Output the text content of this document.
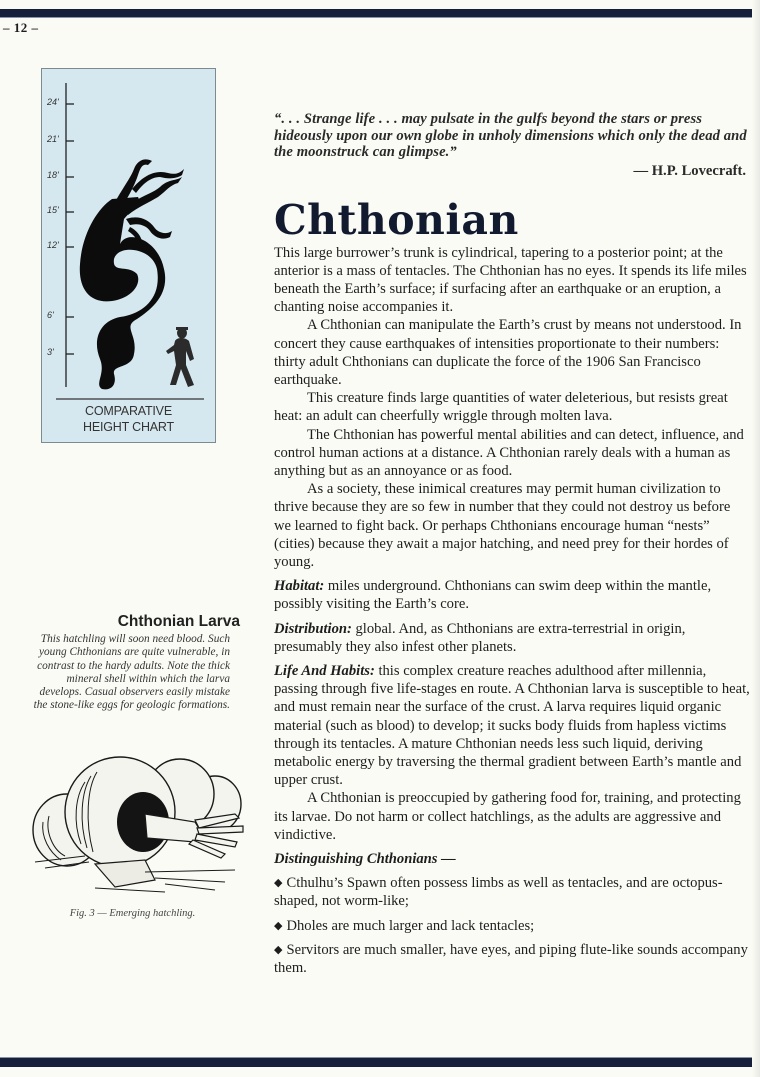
– 12 –
24'
21'
18'
15'
12'
6'
3'
COMPARATIVE
HEIGHT CHART
Chthonian Larva
This hatchling will soon need blood. Such young Chthonians are quite vulnerable, in contrast to the hardy adults. Note the thick mineral shell within which the larva develops. Casual observers easily mistake the stone-like eggs for geologic formations.
Fig. 3 — Emerging hatchling.

“. . . Strange life . . . may pulsate in the gulfs beyond the stars or press hideously upon our own globe in unholy dimensions which only the dead and the moonstruck can glimpse.”

— H.P. Lovecraft.
Chthonian

This large burrower’s trunk is cylindrical, tapering to a posterior point; at the anterior is a mass of tentacles. The Chthonian has no eyes. It spends its life miles beneath the Earth’s surface; if surfacing after an earthquake or an eruption, a chanting noise accompanies it.

A Chthonian can manipulate the Earth’s crust by means not understood. In concert they cause earthquakes of intensities proportionate to their numbers: thirty adult Chthonians can duplicate the force of the 1906 San Francisco earthquake.

This creature finds large quantities of water deleterious, but resists great heat: an adult can cheerfully wriggle through molten lava.

The Chthonian has powerful mental abilities and can detect, influence, and control human actions at a distance. A Chthonian rarely deals with a human as anything but as an annoyance or as food.

As a society, these inimical creatures may permit human civilization to thrive because they are so few in number that they could not destroy us before we learned to fight back. Or perhaps Chthonians encourage human “nests” (cities) because they await a major hatching, and need prey for their hordes of young.

Habitat: miles underground. Chthonians can swim deep within the mantle, possibly visiting the Earth’s core.

Distribution: global. And, as Chthonians are extra-terrestrial in origin, presumably they also infest other planets.

Life And Habits: this complex creature reaches adulthood after millennia, passing through five life-stages en route. A Chthonian larva is susceptible to heat, and must remain near the surface of the crust. A larva requires liquid organic material (such as blood) to develop; it sucks body fluids from hapless victims through its tentacles. A mature Chthonian needs less such liquid, deriving metabolic energy by traversing the thermal gradient between Earth’s mantle and upper crust.

A Chthonian is preoccupied by gathering food for, training, and protecting its larvae. Do not harm or collect hatchlings, as the adults are aggressive and vindictive.

Distinguishing Chthonians —

◆ Cthulhu’s Spawn often possess limbs as well as tentacles, and are octopus-shaped, not worm-like;

◆ Dholes are much larger and lack tentacles;

◆ Servitors are much smaller, have eyes, and piping flute-like sounds accompany them.
